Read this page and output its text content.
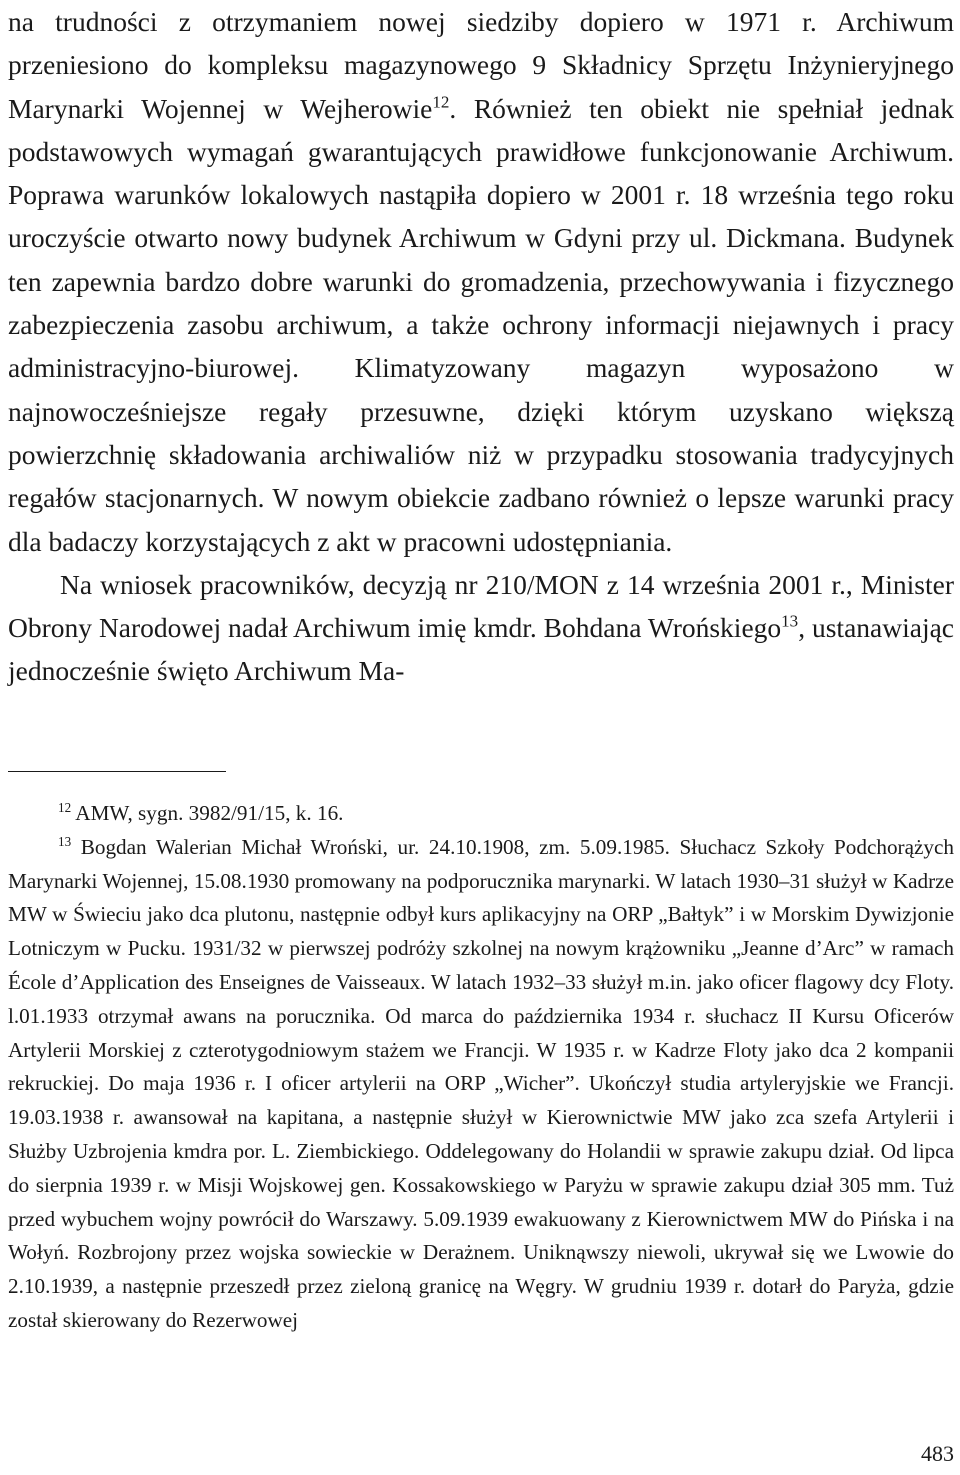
na trudności z otrzymaniem nowej siedziby dopiero w 1971 r. Archiwum przeniesiono do kompleksu magazynowego 9 Składnicy Sprzętu Inżynieryjnego Marynarki Wojennej w Wejherowie$^{12}$. Również ten obiekt nie spełniał jednak podstawowych wymagań gwarantujących prawidłowe funkcjonowanie Archiwum. Poprawa warunków lokalowych nastąpiła dopiero w 2001 r. 18 września tego roku uroczyście otwarto nowy budynek Archiwum w Gdyni przy ul. Dickmana. Budynek ten zapewnia bardzo dobre warunki do gromadzenia, przechowywania i fizycznego zabezpieczenia zasobu archiwum, a także ochrony informacji niejawnych i pracy administracyjno-biurowej. Klimatyzowany magazyn wyposażono w najnowocześniejsze regały przesuwne, dzięki którym uzyskano większą powierzchnię składowania archiwaliów niż w przypadku stosowania tradycyjnych regałów stacjonarnych. W nowym obiekcie zadbano również o lepsze warunki pracy dla badaczy korzystających z akt w pracowni udostępniania.

Na wniosek pracowników, decyzją nr 210/MON z 14 września 2001 r., Minister Obrony Narodowej nadał Archiwum imię kmdr. Bohdana Wrońskiego$^{13}$, ustanawiając jednocześnie święto Archiwum Ma-

$^{12}$ AMW, sygn. 3982/91/15, k. 16.

$^{13}$ Bogdan Walerian Michał Wroński, ur. 24.10.1908, zm. 5.09.1985. Słuchacz Szkoły Podchorążych Marynarki Wojennej, 15.08.1930 promowany na podporucznika marynarki. W latach 1930–31 służył w Kadrze MW w Świeciu jako dca plutonu, następnie odbył kurs aplikacyjny na ORP „Bałtyk” i w Morskim Dywizjonie Lotniczym w Pucku. 1931/32 w pierwszej podróży szkolnej na nowym krążowniku „Jeanne d’Arc” w ramach École d’Application des Enseignes de Vaisseaux. W latach 1932–33 służył m.in. jako oficer flagowy dcy Floty. l.01.1933 otrzymał awans na porucznika. Od marca do października 1934 r. słuchacz II Kursu Oficerów Artylerii Morskiej z czterotygodniowym stażem we Francji. W 1935 r. w Kadrze Floty jako dca 2 kompanii rekruckiej. Do maja 1936 r. I oficer artylerii na ORP „Wicher”. Ukończył studia artyleryjskie we Francji. 19.03.1938 r. awansował na kapitana, a następnie służył w Kierownictwie MW jako zca szefa Artylerii i Służby Uzbrojenia kmdra por. L. Ziembickiego. Oddelegowany do Holandii w sprawie zakupu dział. Od lipca do sierpnia 1939 r. w Misji Wojskowej gen. Kossakowskiego w Paryżu w sprawie zakupu dział 305 mm. Tuż przed wybuchem wojny powrócił do Warszawy. 5.09.1939 ewakuowany z Kierownictwem MW do Pińska i na Wołyń. Rozbrojony przez wojska sowieckie w Derażnem. Uniknąwszy niewoli, ukrywał się we Lwowie do 2.10.1939, a następnie przeszedł przez zieloną granicę na Węgry. W grudniu 1939 r. dotarł do Paryża, gdzie został skierowany do Rezerwowej

483
